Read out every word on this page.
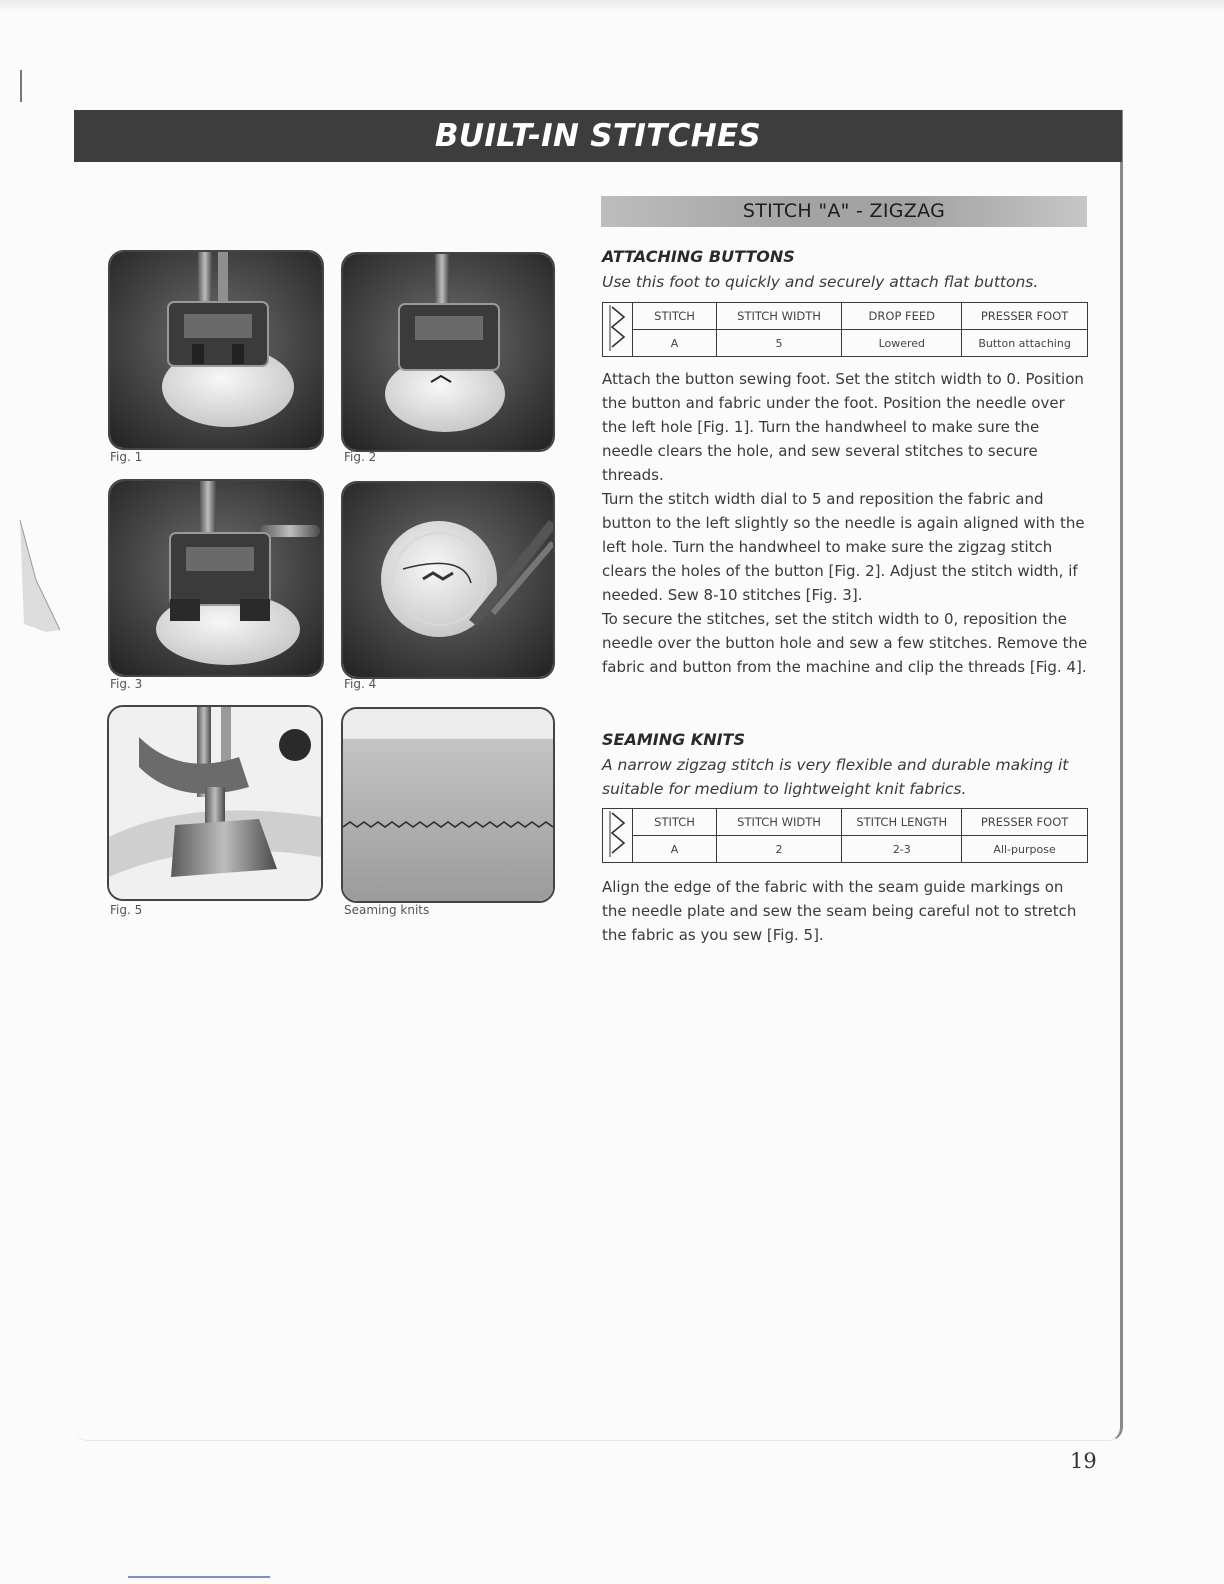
BUILT-IN STITCHES
Fig. 1	Fig. 2
Fig. 3	Fig. 4
Fig. 5	Seaming knits
STITCH "A" - ZIGZAG
ATTACHING BUTTONS
Use this foot to quickly and securely attach flat buttons.
	STITCH	STITCH WIDTH	DROP FEED	PRESSER FOOT
	A	5	Lowered	Button attaching

Attach the button sewing foot. Set the stitch width to 0. Position the button and fabric under the foot. Position the needle over the left hole [Fig. 1]. Turn the handwheel to make sure the needle clears the hole, and sew several stitches to secure threads.

Turn the stitch width dial to 5 and reposition the fabric and button to the left slightly so the needle is again aligned with the left hole. Turn the handwheel to make sure the zigzag stitch clears the holes of the button [Fig. 2]. Adjust the stitch width, if needed. Sew 8-10 stitches [Fig. 3].

To secure the stitches, set the stitch width to 0, reposition the needle over the button hole and sew a few stitches. Remove the fabric and button from the machine and clip the threads [Fig. 4].

SEAMING KNITS
A narrow zigzag stitch is very flexible and durable making it suitable for medium to lightweight knit fabrics.
	STITCH	STITCH WIDTH	STITCH LENGTH	PRESSER FOOT
	A	2	2-3	All-purpose

Align the edge of the fabric with the seam guide markings on the needle plate and sew the seam being careful not to stretch the fabric as you sew [Fig. 5].

19
